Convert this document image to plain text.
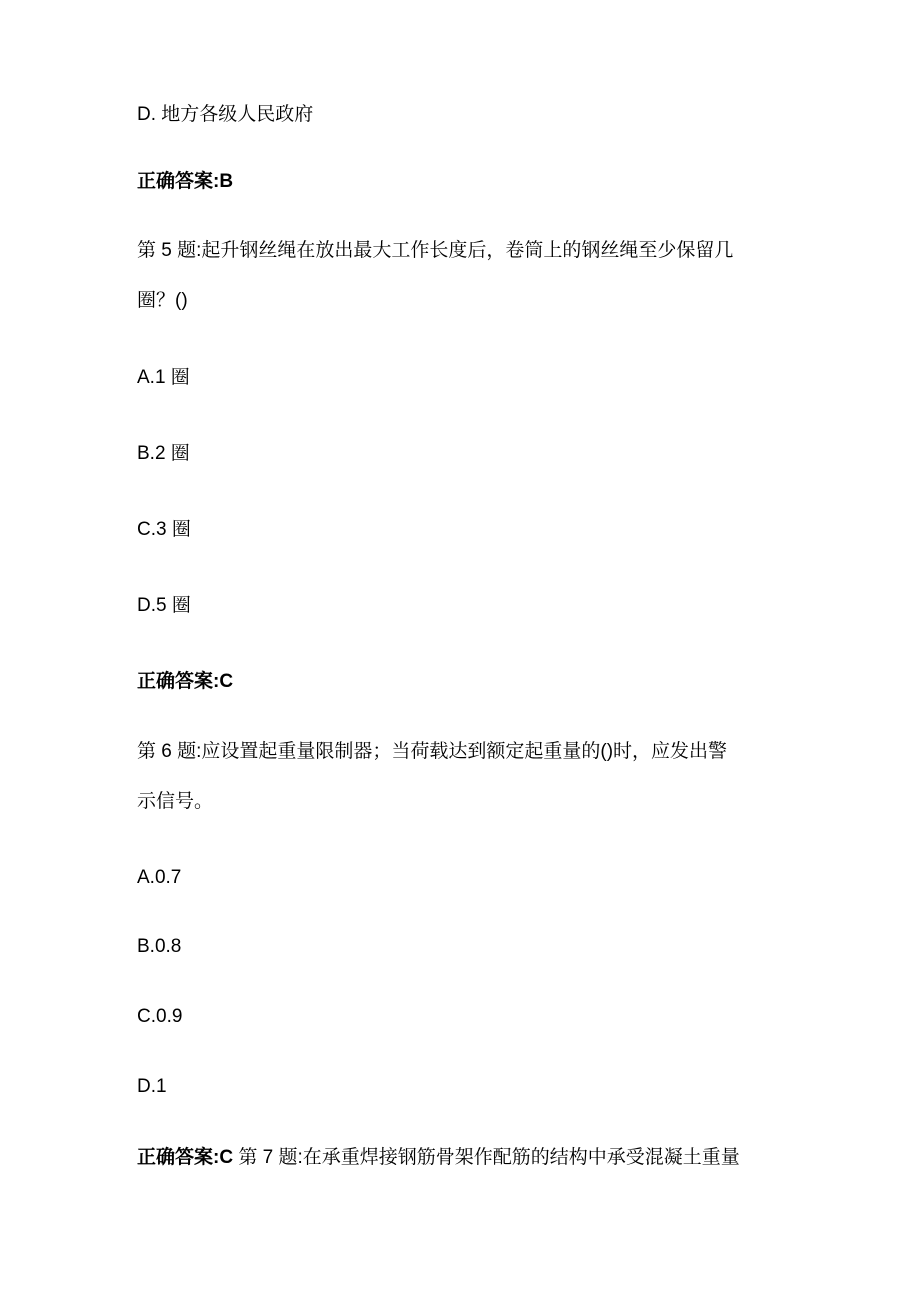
D. 地方各级人民政府
正确答案:B
第 5 题:起升钢丝绳在放出最大工作长度后，卷筒上的钢丝绳至少保留几
圈？()
A.1 圈
B.2 圈
C.3 圈
D.5 圈
正确答案:C
第 6 题:应设置起重量限制器；当荷载达到额定起重量的()时，应发出警
示信号。
A.0.7
B.0.8
C.0.9
D.1
正确答案:C 第 7 题:在承重焊接钢筋骨架作配筋的结构中承受混凝土重量
